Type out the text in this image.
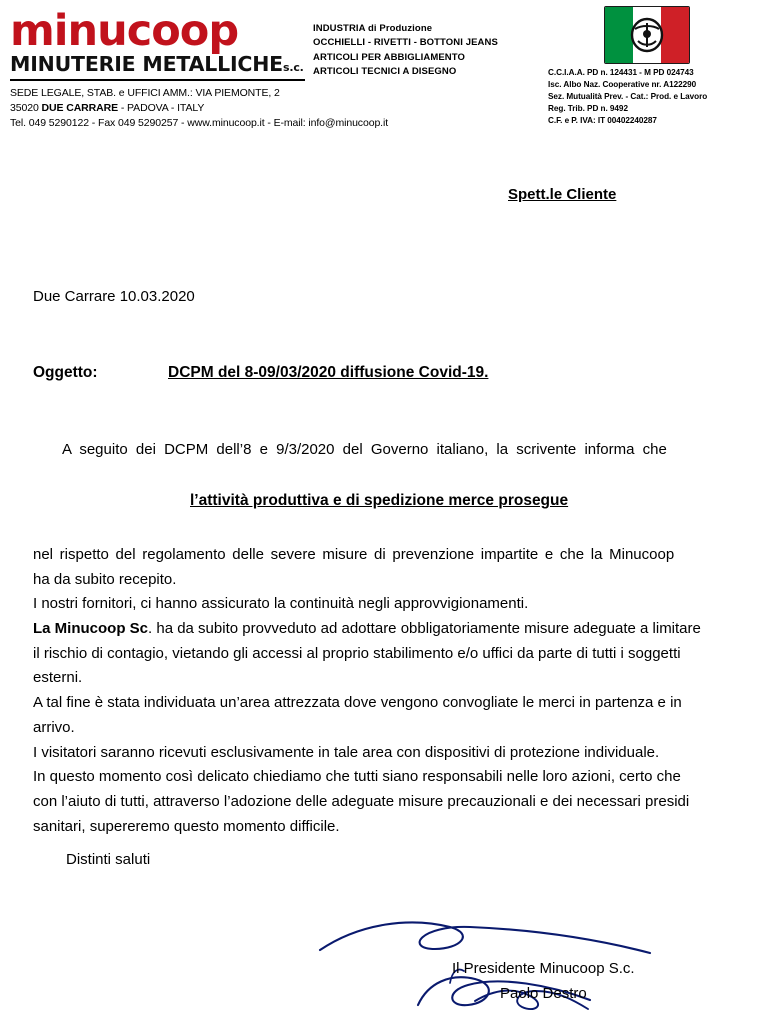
minucoop
MINUTERIE METALLICHEs.c.
SEDE LEGALE, STAB. e UFFICI AMM.: VIA PIEMONTE, 2
35020 DUE CARRARE - PADOVA - ITALY
Tel. 049 5290122 - Fax 049 5290257 - www.minucoop.it - E-mail: info@minucoop.it
INDUSTRIA di Produzione
OCCHIELLI - RIVETTI - BOTTONI JEANS
ARTICOLI PER ABBIGLIAMENTO
ARTICOLI TECNICI A DISEGNO	C.C.I.A.A. PD n. 124431 - M PD 024743
Isc. Albo Naz. Cooperative nr. A122290
Sez. Mutualità Prev. - Cat.: Prod. e Lavoro
Reg. Trib. PD n. 9492
C.F. e P. IVA: IT 00402240287
Spett.le Cliente
Due Carrare 10.03.2020
Oggetto:	DCPM del 8-09/03/2020 diffusione Covid-19.
A seguito dei DCPM dell’8 e 9/3/2020 del Governo italiano, la scrivente informa che
l’attività produttiva e di spedizione merce prosegue

nel rispetto del regolamento delle severe misure di prevenzione impartite e che la Minucoop

ha da subito recepito.

I nostri fornitori, ci hanno assicurato la continuità negli approvvigionamenti.

La Minucoop Sc. ha da subito provveduto ad adottare obbligatoriamente misure adeguate a limitare

il rischio di contagio, vietando gli accessi al proprio stabilimento e/o uffici da parte di tutti i soggetti

esterni.

A tal fine è stata individuata un’area attrezzata dove vengono convogliate le merci in partenza e in

arrivo.

I visitatori saranno ricevuti esclusivamente in tale area con dispositivi di protezione individuale.

In questo momento così delicato chiediamo che tutti siano responsabili nelle loro azioni, certo che

con l’aiuto di tutti, attraverso l’adozione delle adeguate misure precauzionali e dei necessari presidi

sanitari, supereremo questo momento difficile.

Distinti saluti
Il Presidente Minucoop S.c.
Paolo Destro
